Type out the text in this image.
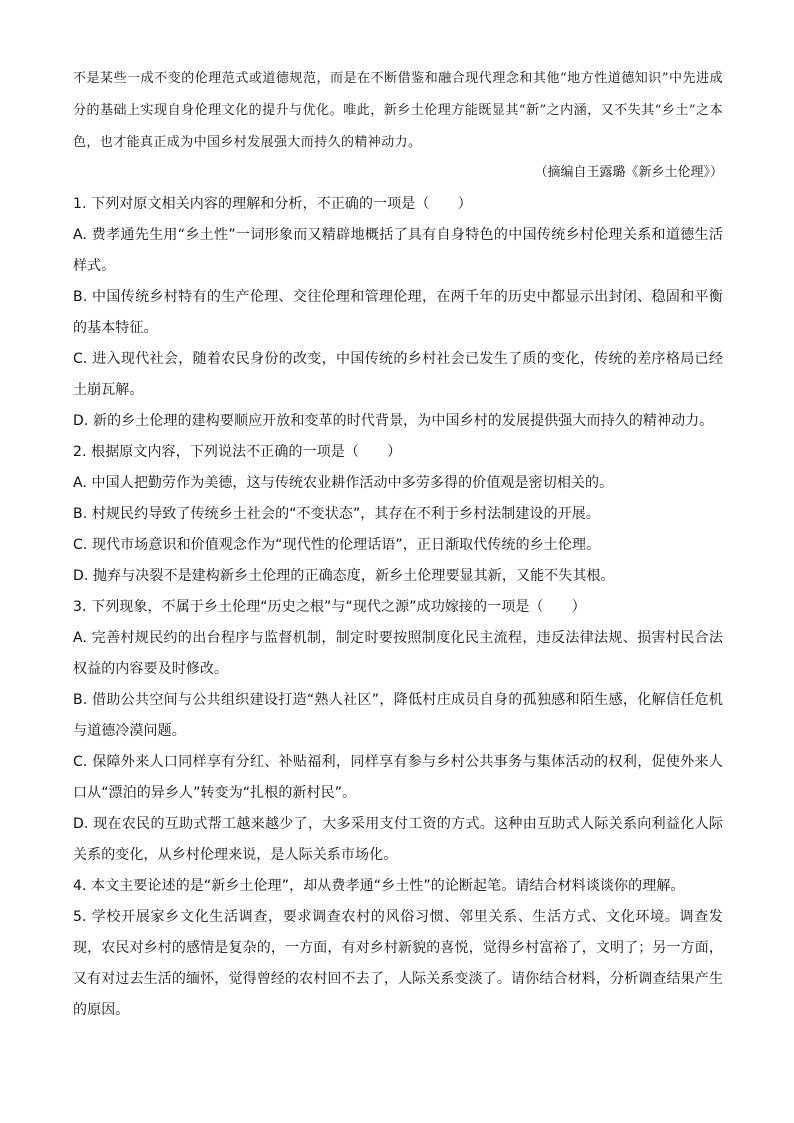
不是某些一成不变的伦理范式或道德规范，而是在不断借鉴和融合现代理念和其他“地方性道德知识”中先进成分的基础上实现自身伦理文化的提升与优化。唯此，新乡土伦理方能既显其“新”之内涵，又不失其“乡土”之本色，也才能真正成为中国乡村发展强大而持久的精神动力。

（摘编自王露璐《新乡土伦理》）

1. 下列对原文相关内容的理解和分析，不正确的一项是（　　）

A. 费孝通先生用“乡土性”一词形象而又精辟地概括了具有自身特色的中国传统乡村伦理关系和道德生活样式。

B. 中国传统乡村特有的生产伦理、交往伦理和管理伦理，在两千年的历史中都显示出封闭、稳固和平衡的基本特征。

C. 进入现代社会，随着农民身份的改变，中国传统的乡村社会已发生了质的变化，传统的差序格局已经土崩瓦解。

D. 新的乡土伦理的建构要顺应开放和变革的时代背景，为中国乡村的发展提供强大而持久的精神动力。

2. 根据原文内容，下列说法不正确的一项是（　　）

A. 中国人把勤劳作为美德，这与传统农业耕作活动中多劳多得的价值观是密切相关的。

B. 村规民约导致了传统乡土社会的“不变状态”，其存在不利于乡村法制建设的开展。

C. 现代市场意识和价值观念作为“现代性的伦理话语”，正日渐取代传统的乡土伦理。

D. 抛弃与决裂不是建构新乡土伦理的正确态度，新乡土伦理要显其新，又能不失其根。

3. 下列现象，不属于乡土伦理“历史之根”与“现代之源”成功嫁接的一项是（　　）

A. 完善村规民约的出台程序与监督机制，制定时要按照制度化民主流程，违反法律法规、损害村民合法权益的内容要及时修改。

B. 借助公共空间与公共组织建设打造“熟人社区”，降低村庄成员自身的孤独感和陌生感，化解信任危机与道德冷漠问题。

C. 保障外来人口同样享有分红、补贴福利，同样享有参与乡村公共事务与集体活动的权利，促使外来人口从“漂泊的异乡人”转变为“扎根的新村民”。

D. 现在农民的互助式帮工越来越少了，大多采用支付工资的方式。这种由互助式人际关系向利益化人际关系的变化，从乡村伦理来说，是人际关系市场化。

4. 本文主要论述的是“新乡土伦理”，却从费孝通“乡土性”的论断起笔。请结合材料谈谈你的理解。

5. 学校开展家乡文化生活调查，要求调查农村的风俗习惯、邻里关系、生活方式、文化环境。调查发现，农民对乡村的感情是复杂的，一方面，有对乡村新貌的喜悦，觉得乡村富裕了，文明了；另一方面，又有对过去生活的缅怀，觉得曾经的农村回不去了，人际关系变淡了。请你结合材料，分析调查结果产生的原因。
